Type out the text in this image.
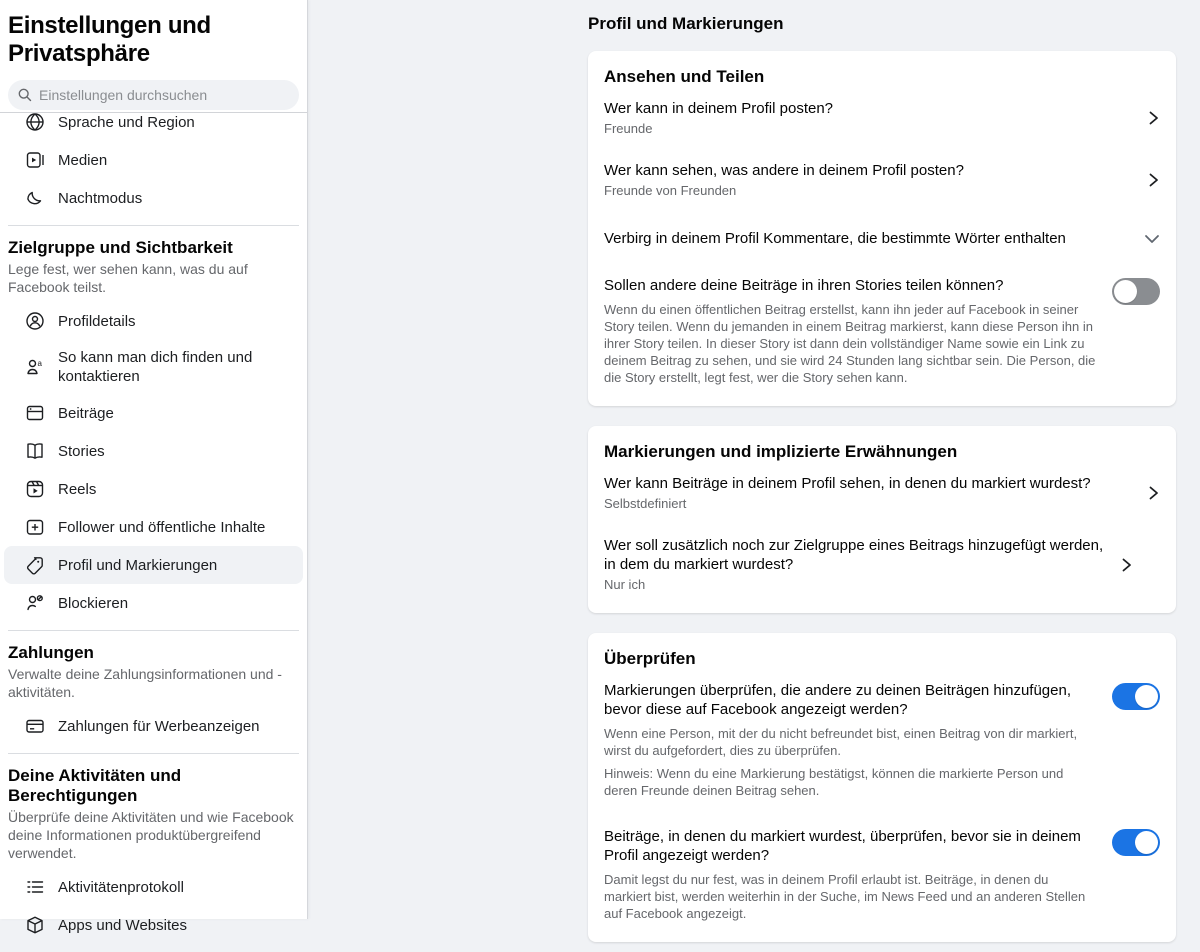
Einstellungen und Privatsphäre
Einstellungen durchsuchen
Sprache und Region
Medien
Nachtmodus
Zielgruppe und Sichtbarkeit
Lege fest, wer sehen kann, was du auf Facebook teilst.
Profildetails
a So kann man dich finden und kontaktieren
Beiträge
Stories
Reels
Follower und öffentliche Inhalte
Profil und Markierungen
Blockieren
Zahlungen
Verwalte deine Zahlungsinformationen und -aktivitäten.
Zahlungen für Werbeanzeigen
Deine Aktivitäten und Berechtigungen
Überprüfe deine Aktivitäten und wie Facebook deine Informationen produktübergreifend verwendet.
Aktivitätenprotokoll
Apps und Websites
Profil und Markierungen
Ansehen und Teilen
Wer kann in deinem Profil posten?
Freunde
Wer kann sehen, was andere in deinem Profil posten?
Freunde von Freunden
Verbirg in deinem Profil Kommentare, die bestimmte Wörter enthalten
Sollen andere deine Beiträge in ihren Stories teilen können?

Wenn du einen öffentlichen Beitrag erstellst, kann ihn jeder auf Facebook in seiner Story teilen. Wenn du jemanden in einem Beitrag markierst, kann diese Person ihn in ihrer Story teilen. In dieser Story ist dann dein vollständiger Name sowie ein Link zu deinem Beitrag zu sehen, und sie wird 24 Stunden lang sichtbar sein. Die Person, die die Story erstellt, legt fest, wer die Story sehen kann.

Markierungen und implizierte Erwähnungen
Wer kann Beiträge in deinem Profil sehen, in denen du markiert wurdest?
Selbstdefiniert
Wer soll zusätzlich noch zur Zielgruppe eines Beitrags hinzugefügt werden, in dem du markiert wurdest?
Nur ich
Überprüfen
Markierungen überprüfen, die andere zu deinen Beiträgen hinzufügen, bevor diese auf Facebook angezeigt werden?

Wenn eine Person, mit der du nicht befreundet bist, einen Beitrag von dir markiert, wirst du aufgefordert, dies zu überprüfen.

Hinweis: Wenn du eine Markierung bestätigst, können die markierte Person und deren Freunde deinen Beitrag sehen.

Beiträge, in denen du markiert wurdest, überprüfen, bevor sie in deinem Profil angezeigt werden?

Damit legst du nur fest, was in deinem Profil erlaubt ist. Beiträge, in denen du markiert bist, werden weiterhin in der Suche, im News Feed und an anderen Stellen auf Facebook angezeigt.
